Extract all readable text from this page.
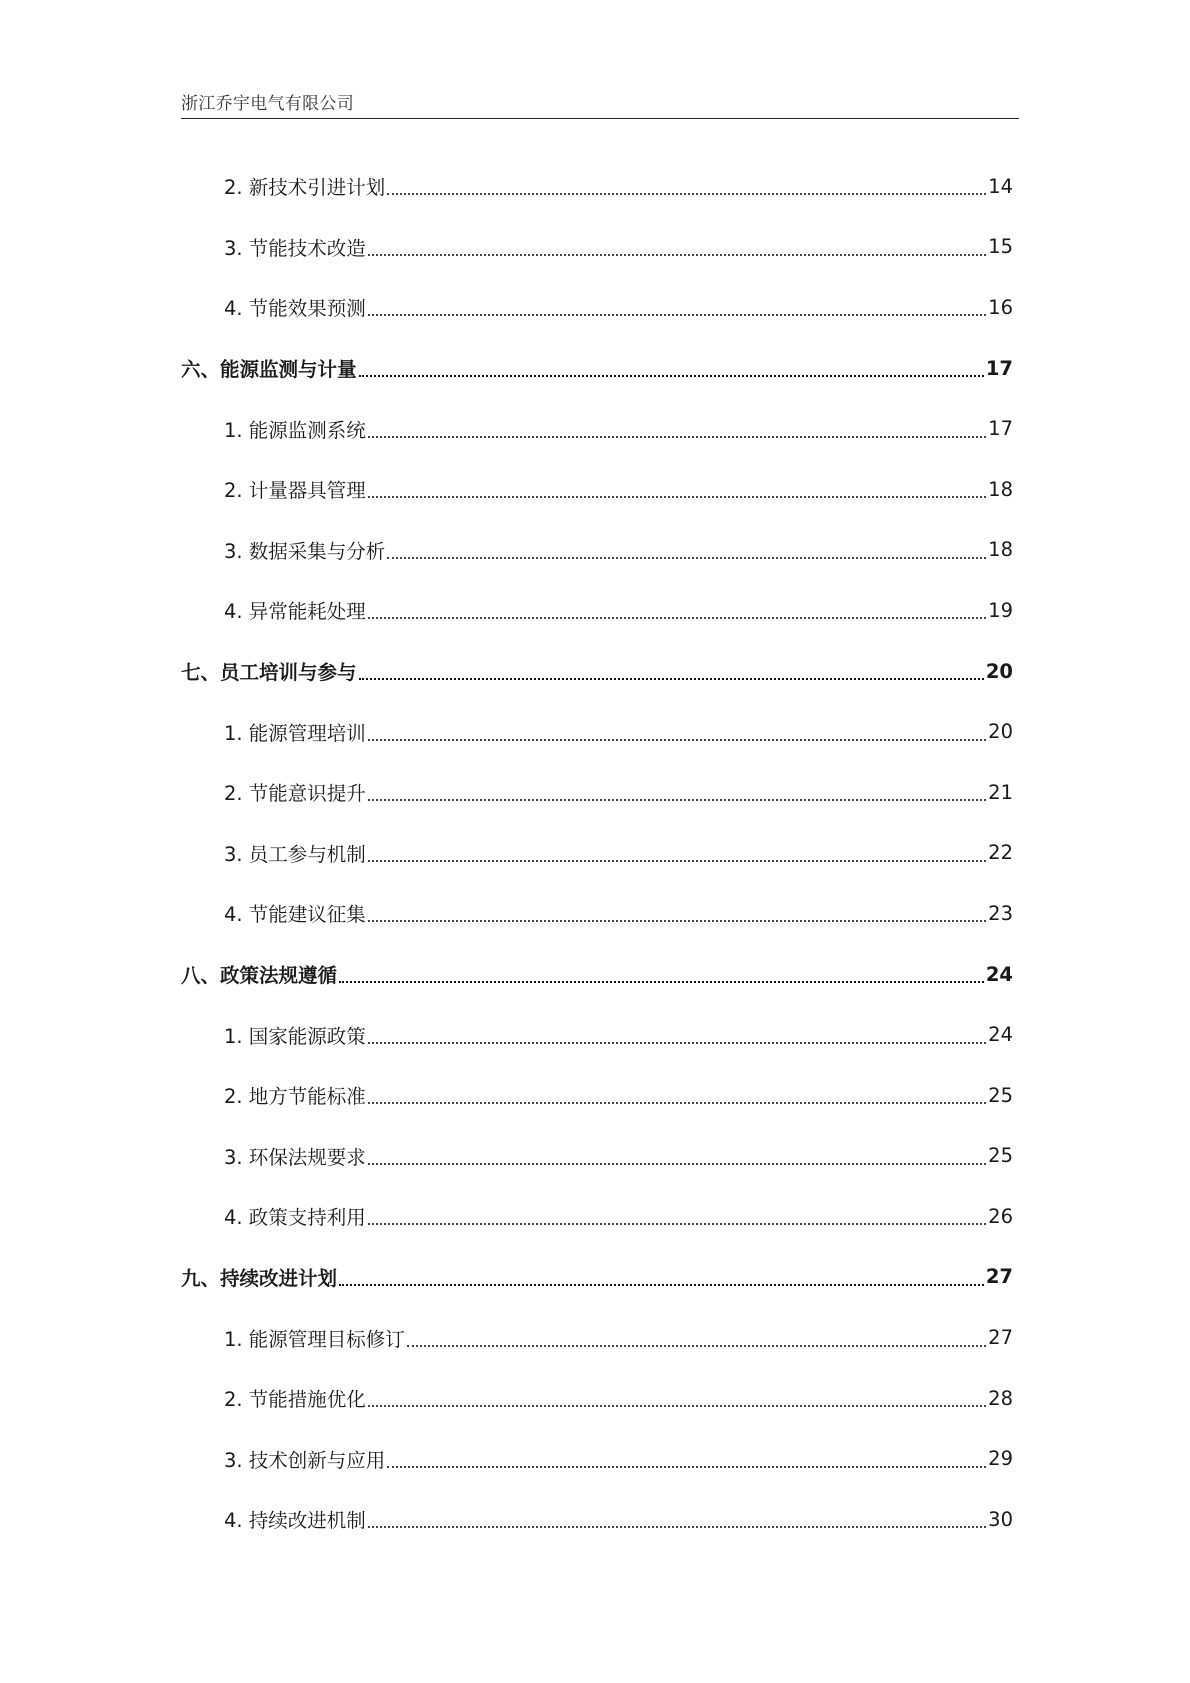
浙江乔宇电气有限公司
2. 新技术引进计划	14
3. 节能技术改造	15
4. 节能效果预测	16
六、能源监测与计量	17
1. 能源监测系统	17
2. 计量器具管理	18
3. 数据采集与分析	18
4. 异常能耗处理	19
七、员工培训与参与	20
1. 能源管理培训	20
2. 节能意识提升	21
3. 员工参与机制	22
4. 节能建议征集	23
八、政策法规遵循	24
1. 国家能源政策	24
2. 地方节能标准	25
3. 环保法规要求	25
4. 政策支持利用	26
九、持续改进计划	27
1. 能源管理目标修订	27
2. 节能措施优化	28
3. 技术创新与应用	29
4. 持续改进机制	30
